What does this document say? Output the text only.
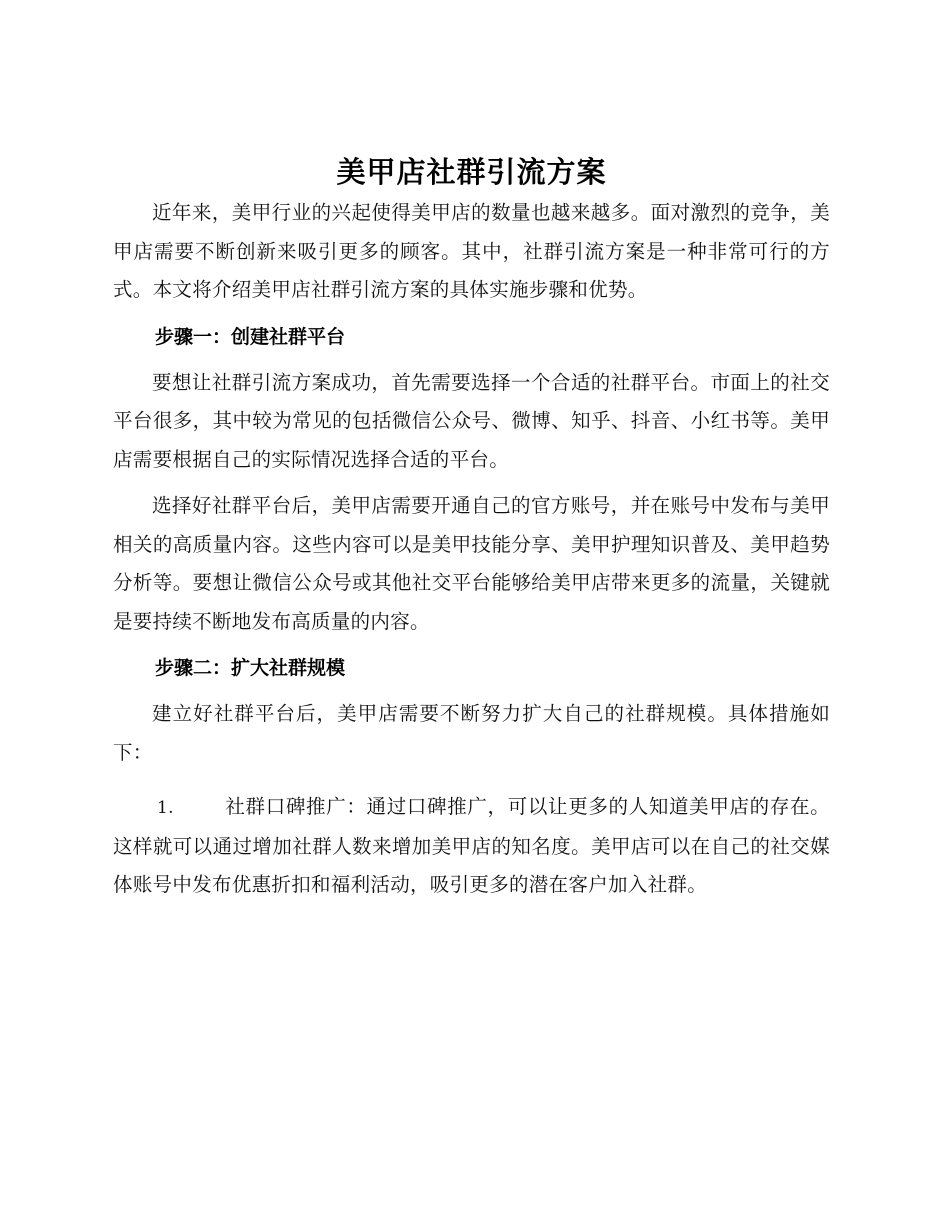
美甲店社群引流方案

近年来，美甲行业的兴起使得美甲店的数量也越来越多。面对激烈的竞争，美甲店需要不断创新来吸引更多的顾客。其中，社群引流方案是一种非常可行的方式。本文将介绍美甲店社群引流方案的具体实施步骤和优势。

步骤一：创建社群平台

要想让社群引流方案成功，首先需要选择一个合适的社群平台。市面上的社交平台很多，其中较为常见的包括微信公众号、微博、知乎、抖音、小红书等。美甲店需要根据自己的实际情况选择合适的平台。

选择好社群平台后，美甲店需要开通自己的官方账号，并在账号中发布与美甲相关的高质量内容。这些内容可以是美甲技能分享、美甲护理知识普及、美甲趋势分析等。要想让微信公众号或其他社交平台能够给美甲店带来更多的流量，关键就是要持续不断地发布高质量的内容。

步骤二：扩大社群规模

建立好社群平台后，美甲店需要不断努力扩大自己的社群规模。具体措施如下：

1.	社群口碑推广：通过口碑推广，可以让更多的人知道美甲店的存在。这样就可以通过增加社群人数来增加美甲店的知名度。美甲店可以在自己的社交媒体账号中发布优惠折扣和福利活动，吸引更多的潜在客户加入社群。
